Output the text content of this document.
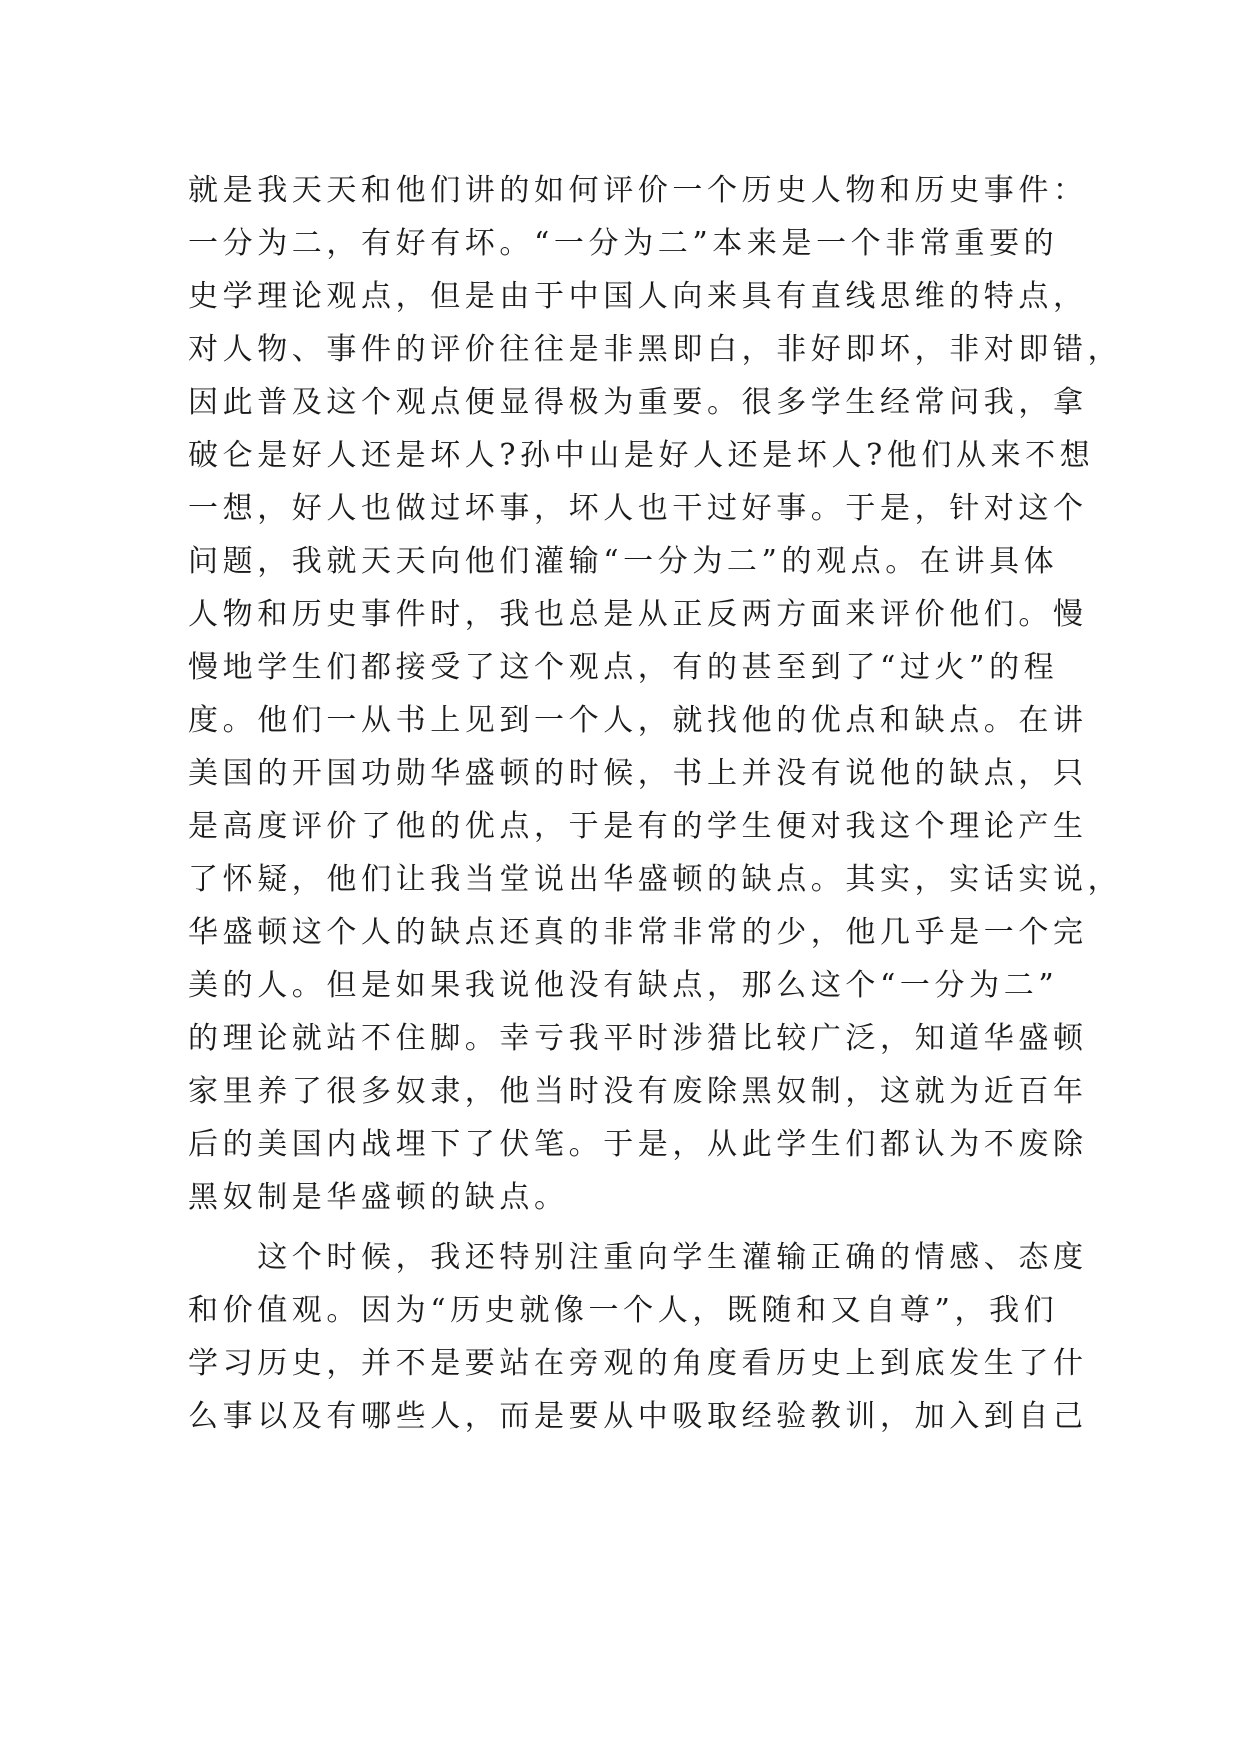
就是我天天和他们讲的如何评价一个历史人物和历史事件：
一分为二，有好有坏。“一分为二”本来是一个非常重要的
史学理论观点，但是由于中国人向来具有直线思维的特点，
对人物、事件的评价往往是非黑即白，非好即坏，非对即错，
因此普及这个观点便显得极为重要。很多学生经常问我，拿
破仑是好人还是坏人?孙中山是好人还是坏人?他们从来不想
一想，好人也做过坏事，坏人也干过好事。于是，针对这个
问题，我就天天向他们灌输“一分为二”的观点。在讲具体
人物和历史事件时，我也总是从正反两方面来评价他们。慢
慢地学生们都接受了这个观点，有的甚至到了“过火”的程
度。他们一从书上见到一个人，就找他的优点和缺点。在讲
美国的开国功勋华盛顿的时候，书上并没有说他的缺点，只
是高度评价了他的优点，于是有的学生便对我这个理论产生
了怀疑，他们让我当堂说出华盛顿的缺点。其实，实话实说，
华盛顿这个人的缺点还真的非常非常的少，他几乎是一个完
美的人。但是如果我说他没有缺点，那么这个“一分为二”
的理论就站不住脚。幸亏我平时涉猎比较广泛，知道华盛顿
家里养了很多奴隶，他当时没有废除黑奴制，这就为近百年
后的美国内战埋下了伏笔。于是，从此学生们都认为不废除
黑奴制是华盛顿的缺点。
　　这个时候，我还特别注重向学生灌输正确的情感、态度
和价值观。因为“历史就像一个人，既随和又自尊”，我们
学习历史，并不是要站在旁观的角度看历史上到底发生了什
么事以及有哪些人，而是要从中吸取经验教训，加入到自己
